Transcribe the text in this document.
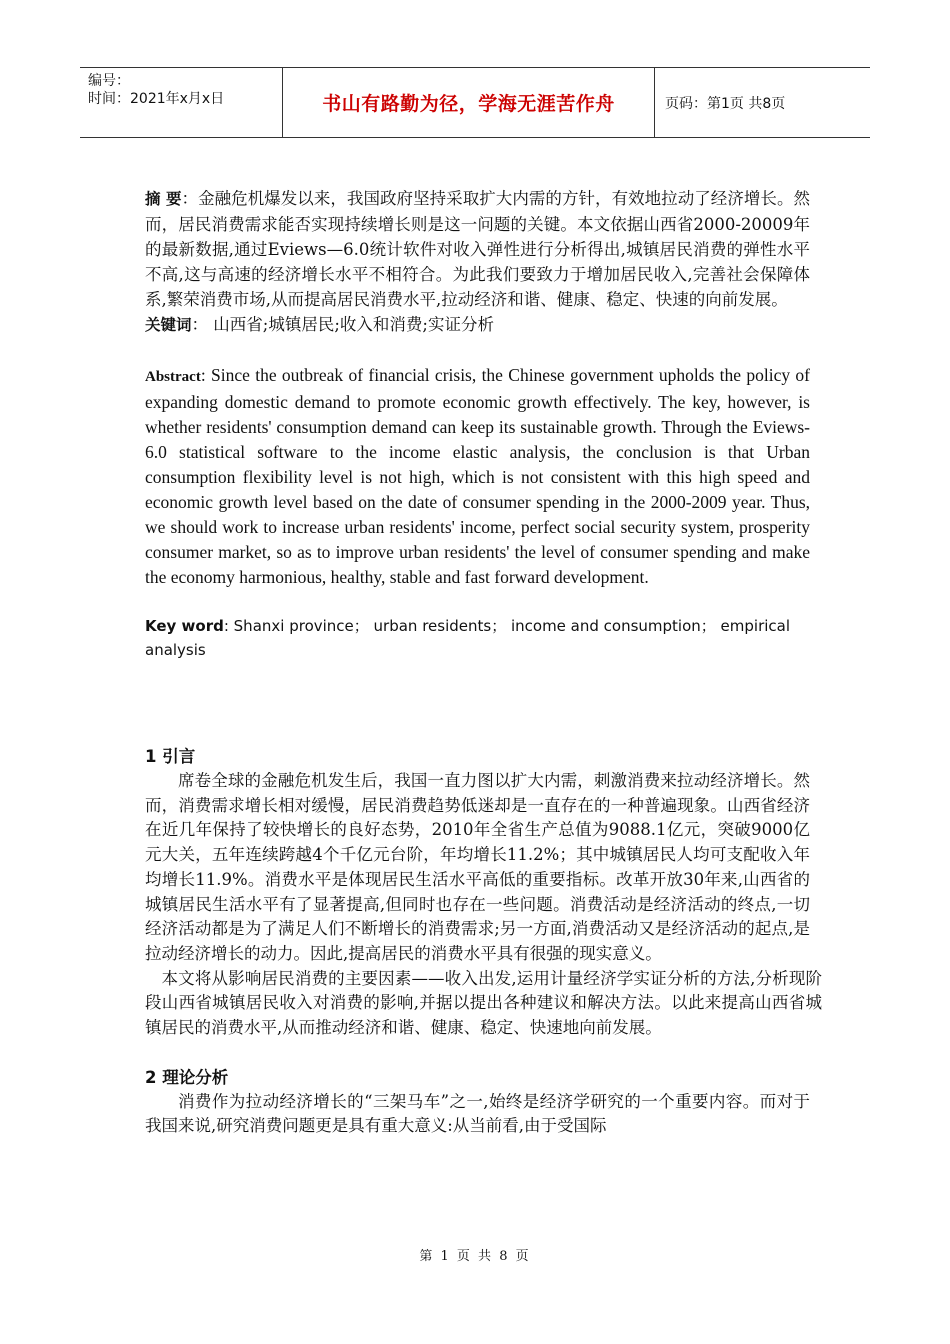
编号：
时间：2021年x月x日	书山有路勤为径，学海无涯苦作舟	页码：第1页 共8页

摘 要：金融危机爆发以来，我国政府坚持采取扩大内需的方针，有效地拉动了经济增长。然而，居民消费需求能否实现持续增长则是这一问题的关键。本文依据山西省2000-20009年的最新数据,通过Eviews—6.0统计软件对收入弹性进行分析得出,城镇居民消费的弹性水平不高,这与高速的经济增长水平不相符合。为此我们要致力于增加居民收入,完善社会保障体系,繁荣消费市场,从而提高居民消费水平,拉动经济和谐、健康、稳定、快速的向前发展。

关键词： 山西省;城镇居民;收入和消费;实证分析

Abstract: Since the outbreak of financial crisis, the Chinese government upholds the policy of expanding domestic demand to promote economic growth effectively. The key, however, is whether residents' consumption demand can keep its sustainable growth. Through the Eviews-6.0 statistical software to the income elastic analysis, the conclusion is that Urban consumption flexibility level is not high, which is not consistent with this high speed and economic growth level based on the date of consumer spending in the 2000-2009 year. Thus, we should work to increase urban residents' income, perfect social security system, prosperity consumer market, so as to improve urban residents' the level of consumer spending and make the economy harmonious, healthy, stable and fast forward development.

Key word: Shanxi province； urban residents； income and consumption； empirical analysis

1 引言

席卷全球的金融危机发生后，我国一直力图以扩大内需，刺激消费来拉动经济增长。然而，消费需求增长相对缓慢，居民消费趋势低迷却是一直存在的一种普遍现象。山西省经济在近几年保持了较快增长的良好态势，2010年全省生产总值为9088.1亿元，突破9000亿元大关，五年连续跨越4个千亿元台阶，年均增长11.2%；其中城镇居民人均可支配收入年均增长11.9%。消费水平是体现居民生活水平高低的重要指标。改革开放30年来,山西省的城镇居民生活水平有了显著提高,但同时也存在一些问题。消费活动是经济活动的终点,一切经济活动都是为了满足人们不断增长的消费需求;另一方面,消费活动又是经济活动的起点,是拉动经济增长的动力。因此,提高居民的消费水平具有很强的现实意义。

本文将从影响居民消费的主要因素——收入出发,运用计量经济学实证分析的方法,分析现阶段山西省城镇居民收入对消费的影响,并据以提出各种建议和解决方法。以此来提高山西省城镇居民的消费水平,从而推动经济和谐、健康、稳定、快速地向前发展。

2 理论分析

消费作为拉动经济增长的“三架马车”之一,始终是经济学研究的一个重要内容。而对于我国来说,研究消费问题更是具有重大意义:从当前看,由于受国际

第 1 页 共 8 页
